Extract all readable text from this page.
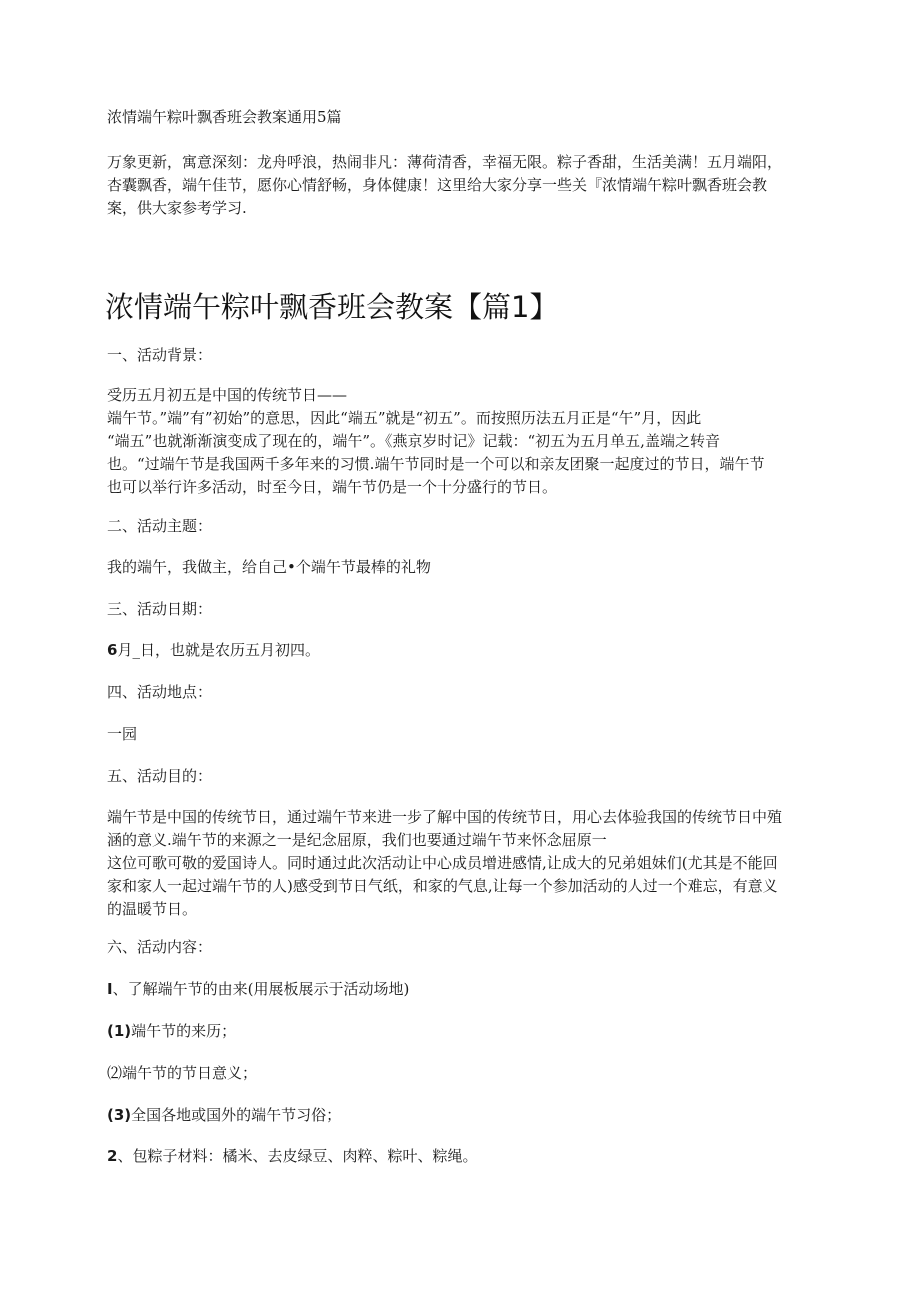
浓情端午粽叶飘香班会教案通用5篇

万象更新，寓意深刻：龙舟呼浪，热闹非凡：薄荷清香，幸福无限。粽子香甜，生活美满！五月端阳，

杏囊飘香，端午佳节，愿你心情舒畅，身体健康！这里给大家分享一些关『浓情端午粽叶飘香班会教

案，供大家参考学习.

浓情端午粽叶飘香班会教案【篇1】

一、活动背景：

受历五月初五是中国的传统节日——

端午节。”端”有”初始”的意思，因此“端五”就是“初五”。而按照历法五月正是“午”月，因此

“端五”也就渐渐演变成了现在的，端午”。《燕京岁时记》记载：“初五为五月单五,盖端之转音

也。“过端午节是我国两千多年来的习惯.端午节同时是一个可以和亲友团聚一起度过的节日，端午节

也可以举行许多活动，时至今日，端午节仍是一个十分盛行的节日。

二、活动主题：

我的端午，我做主，给自己•个端午节最棒的礼物

三、活动日期：

6月_日，也就是农历五月初四。

四、活动地点：

一园

五、活动目的：

端午节是中国的传统节日，通过端午节来进一步了解中国的传统节日，用心去体验我国的传统节日中殖

涵的意义.端午节的来源之一是纪念屈原，我们也要通过端午节来怀念屈原一

这位可歌可敬的爱国诗人。同时通过此次活动让中心成员增进感情,让成大的兄弟姐妹们(尤其是不能回

家和家人一起过端午节的人)感受到节日气纸，和家的气息,让每一个参加活动的人过一个难忘，有意义

的温暖节日。

六、活动内容：

I、了解端午节的由来(用展板展示于活动场地)

(1)端午节的来历；

⑵端午节的节日意义；

(3)全国各地或国外的端午节习俗；

2、包粽子材料：橘米、去皮绿豆、肉粹、粽叶、粽绳。
